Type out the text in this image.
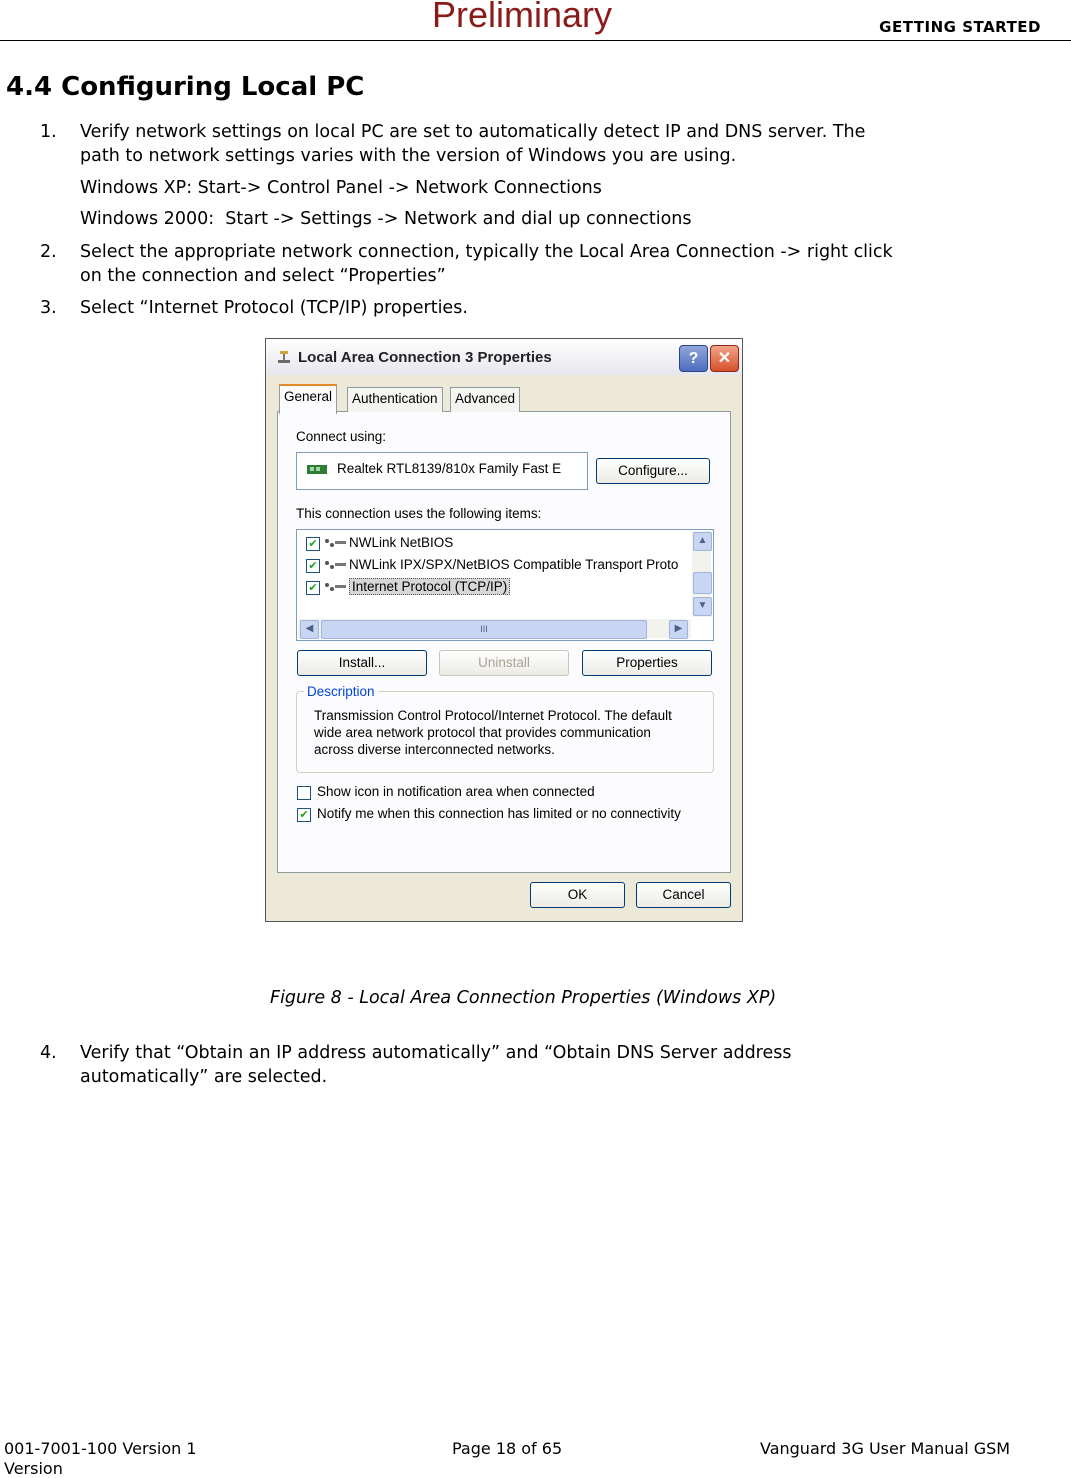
Preliminary	GETTING STARTED
4.4 Configuring Local PC
1.	Verify network settings on local PC are set to automatically detect IP and DNS server. The
path to network settings varies with the version of Windows you are using.
Windows XP: Start-> Control Panel -> Network Connections
Windows 2000:  Start -> Settings -> Network and dial up connections
2.	Select the appropriate network connection, typically the Local Area Connection -> right click
on the connection and select “Properties”
3.	Select “Internet Protocol (TCP/IP) properties.
Local Area Connection 3 Properties	?	✕
General	Authentication	Advanced
Connect using:
Realtek RTL8139/810x Family Fast E	Configure...
This connection uses the following items:
✔ NWLink NetBIOS
✔ NWLink IPX/SPX/NetBIOS Compatible Transport Proto
✔	Internet Protocol (TCP/IP)
▲
▼
◀	III	▶
Install...	Uninstall	Properties
Description
Transmission Control Protocol/Internet Protocol. The default
wide area network protocol that provides communication
across diverse interconnected networks.
Show icon in notification area when connected
✔ Notify me when this connection has limited or no connectivity
OK	Cancel
Figure 8 - Local Area Connection Properties (Windows XP)
4.	Verify that “Obtain an IP address automatically” and “Obtain DNS Server address
automatically” are selected.
001-7001-100 Version 1
Version
Page 18 of 65	Vanguard 3G User Manual GSM
